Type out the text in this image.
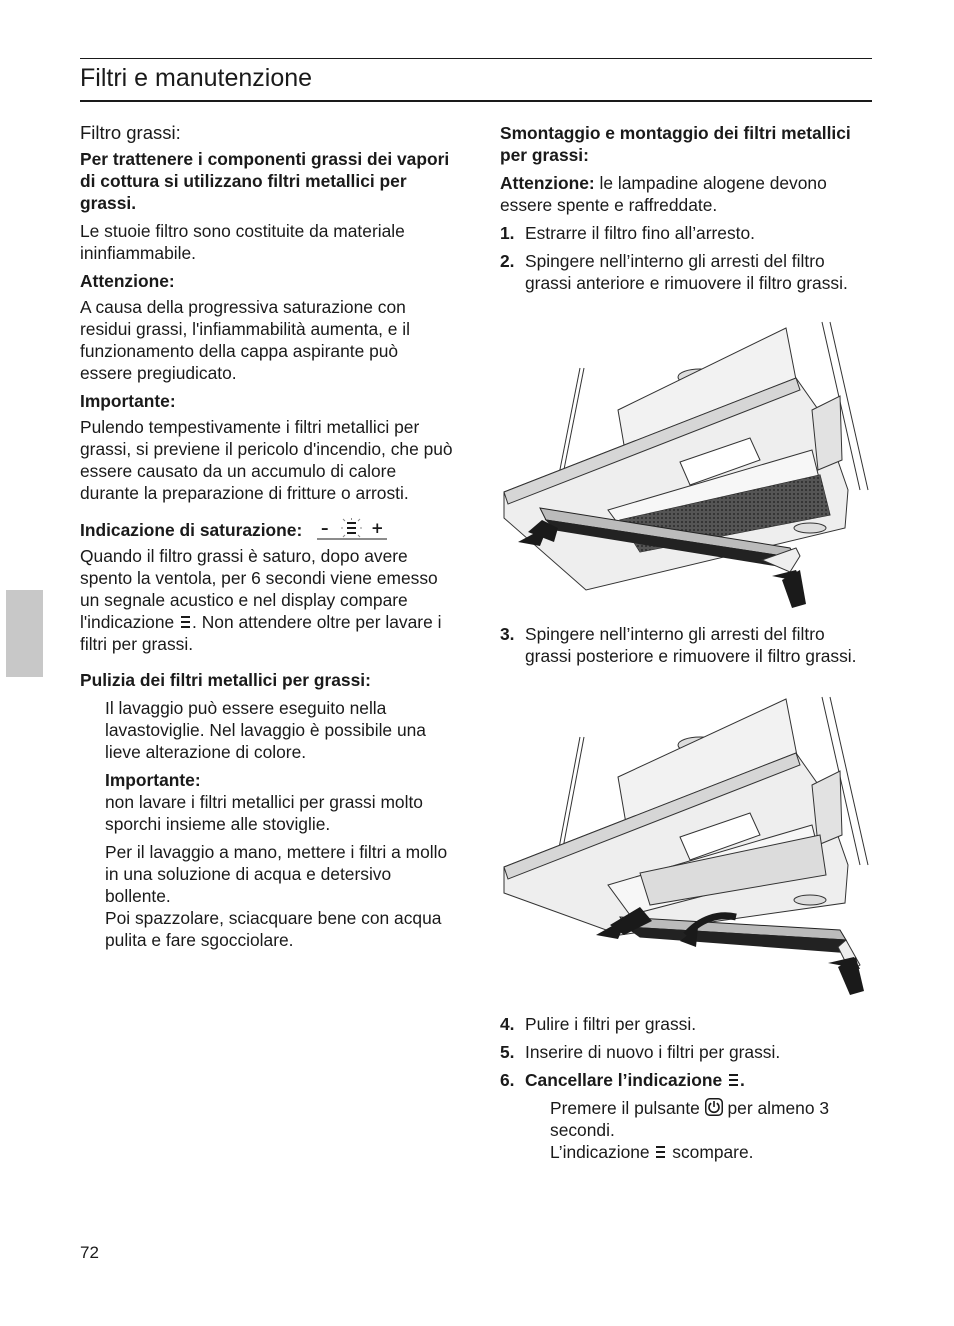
Filtri e manutenzione

Filtro grassi:

Per trattenere i componenti grassi dei vapori di cottura si utilizzano filtri metallici per grassi.

Le stuoie filtro sono costituite da materiale ininfiammabile.

Attenzione:

A causa della progressiva saturazione con residui grassi, l'infiammabilità aumenta, e il funzionamento della cappa aspirante può essere pregiudicato.

Importante:

Pulendo tempestivamente i filtri metallici per grassi, si previene il pericolo d'incendio, che può essere causato da un accumulo di calore durante la preparazione di fritture o arrosti.

Indicazione di saturazione: –	+

Quando il filtro grassi è saturo, dopo avere spento la ventola, per 6 secondi viene emesso un segnale acustico e nel display compare l'indicazione . Non attendere oltre per lavare i filtri per grassi.

Pulizia dei filtri metallici per grassi:

Il lavaggio può essere eseguito nella lavastoviglie. Nel lavaggio è possibile una lieve alterazione di colore.

Importante:

non lavare i filtri metallici per grassi molto sporchi insieme alle stoviglie.

Per il lavaggio a mano, mettere i filtri a mollo in una soluzione di acqua e detersivo bollente.

Poi spazzolare, sciacquare bene con acqua pulita e fare sgocciolare.

Smontaggio e montaggio dei filtri metallici per grassi:

Attenzione: le lampadine alogene devono essere spente e raffreddate.

1. Estrarre il filtro fino all’arresto.
2. Spingere nell’interno gli arresti del filtro grassi anteriore e rimuovere il filtro grassi.
3. Spingere nell’interno gli arresti del filtro grassi posteriore e rimuovere il filtro grassi.
4. Pulire i filtri per grassi.
5. Inserire di nuovo i filtri per grassi.
6. Cancellare l’indicazione .
Premere il pulsante per almeno 3 secondi.
L’indicazione scompare.
72
